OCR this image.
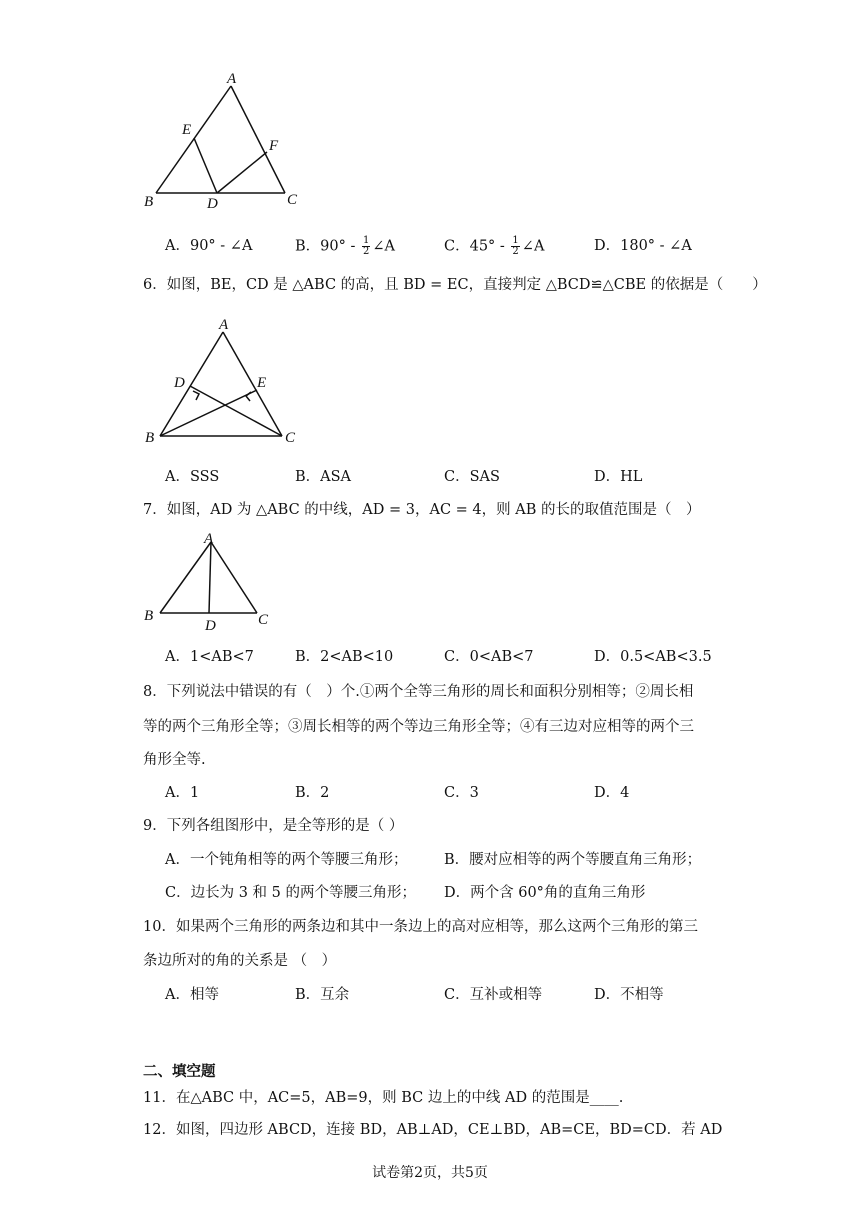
A
E
F
B	D	C
A．90° - ∠A	B．$90^\circ - \frac{1}{2}$ ∠A	C．$45^\circ - \frac{1}{2}$ ∠A	D．180° - ∠A
6．如图，BE，CD 是 △ABC 的高，且 BD = EC，直接判定 △BCD≌△CBE 的依据是（　　）
A
D	E
B	C
A．SSS	B．ASA	C．SAS	D．HL
7．如图，AD 为 △ABC 的中线，AD = 3，AC = 4，则 AB 的长的取值范围是（　）
A
B
D	C
A．1<AB<7	B．2<AB<10	C．0<AB<7	D．0.5<AB<3.5
8．下列说法中错误的有（　）个.①两个全等三角形的周长和面积分别相等；②周长相
等的两个三角形全等；③周长相等的两个等边三角形全等；④有三边对应相等的两个三
角形全等.
A．1	B．2	C．3	D．4
9．下列各组图形中，是全等形的是（ ）
A．一个钝角相等的两个等腰三角形；	B．腰对应相等的两个等腰直角三角形；
C．边长为 3 和 5 的两个等腰三角形； D．两个含 60°角的直角三角形
10．如果两个三角形的两条边和其中一条边上的高对应相等，那么这两个三角形的第三
条边所对的角的关系是 （　）
A．相等	B．互余	C．互补或相等	D．不相等
二、填空题
11．在△ABC 中，AC=5，AB=9，则 BC 边上的中线 AD 的范围是____.
12．如图，四边形 ABCD，连接 BD，AB⊥AD，CE⊥BD，AB=CE，BD=CD．若 AD
试卷第2页，共5页
